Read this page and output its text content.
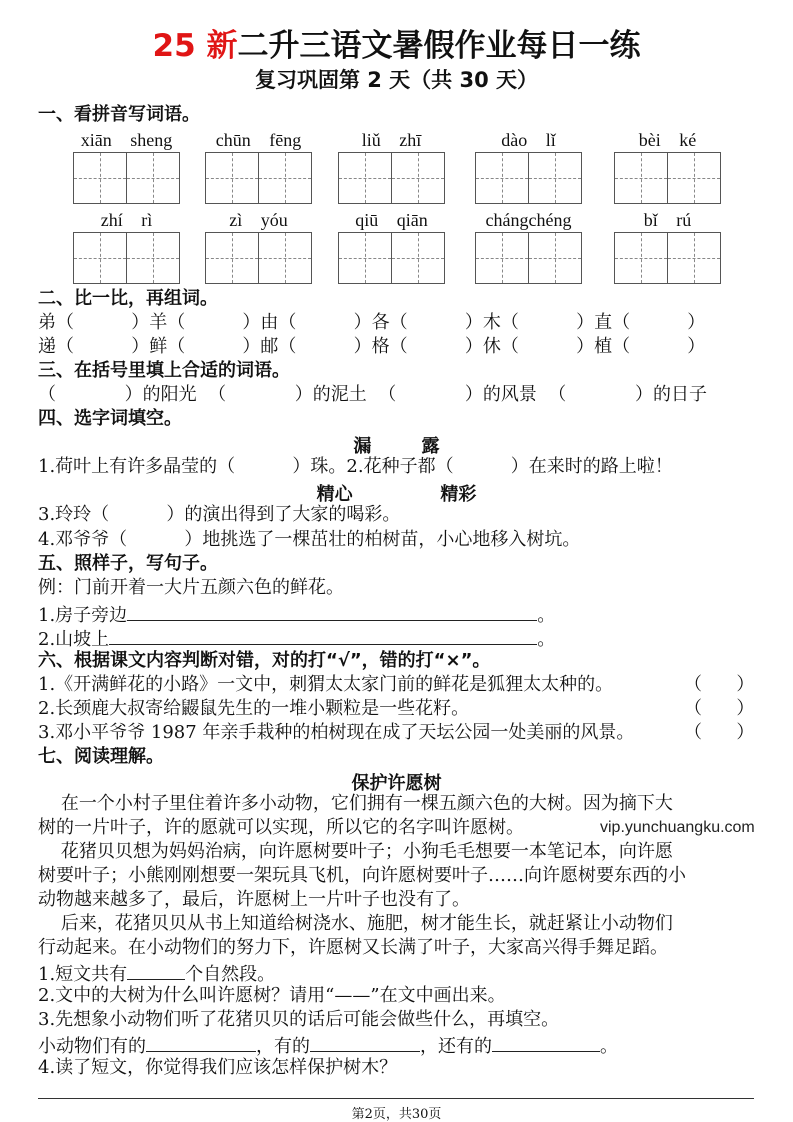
25 新二升三语文暑假作业每日一练
复习巩固第 2 天（共 30 天）
一、看拼音写词语。
xiān sheng	chūn fēng	liǔ zhī	dào lǐ	bèi ké
zhí rì	zì yóu	qiū qiān	chángchéng	bǐ rú
二、比一比，再组词。
弟（          ）羊（          ）由（          ）各（          ）木（          ）直（          ）
递（          ）鲜（          ）邮（          ）格（          ）休（          ）植（          ）
三、在括号里填上合适的词语。
（            ）的阳光  （            ）的泥土  （            ）的风景  （            ）的日子
四、选字词填空。
漏        露
1.荷叶上有许多晶莹的（          ）珠。2.花种子都（          ）在来时的路上啦！
精心              精彩
3.玲玲（          ）的演出得到了大家的喝彩。
4.邓爷爷（          ）地挑选了一棵茁壮的柏树苗，小心地移入树坑。
五、照样子，写句子。
例：门前开着一大片五颜六色的鲜花。
1.房子旁边	。
2.山坡上	。
六、根据课文内容判断对错，对的打“√”，错的打“×”。
1.《开满鲜花的小路》一文中，刺猬太太家门前的鲜花是狐狸太太种的。	（      ）
2.长颈鹿大叔寄给鼹鼠先生的一堆小颗粒是一些花籽。	（      ）
3.邓小平爷爷 1987 年亲手栽种的柏树现在成了天坛公园一处美丽的风景。	（      ）
七、阅读理解。
保护许愿树
在一个小村子里住着许多小动物，它们拥有一棵五颜六色的大树。因为摘下大
树的一片叶子，许的愿就可以实现，所以它的名字叫许愿树。
花猪贝贝想为妈妈治病，向许愿树要叶子；小狗毛毛想要一本笔记本，向许愿
树要叶子；小熊刚刚想要一架玩具飞机，向许愿树要叶子……向许愿树要东西的小
动物越来越多了，最后，许愿树上一片叶子也没有了。
后来，花猪贝贝从书上知道给树浇水、施肥，树才能生长，就赶紧让小动物们
行动起来。在小动物们的努力下，许愿树又长满了叶子，大家高兴得手舞足蹈。
1.短文共有	个自然段。
2.文中的大树为什么叫许愿树？请用“——”在文中画出来。
3.先想象小动物们听了花猪贝贝的话后可能会做些什么，再填空。
小动物们有的	，有的	，还有的	。
4.读了短文，你觉得我们应该怎样保护树木？
vip.yunchuangku.com
第2页，共30页
